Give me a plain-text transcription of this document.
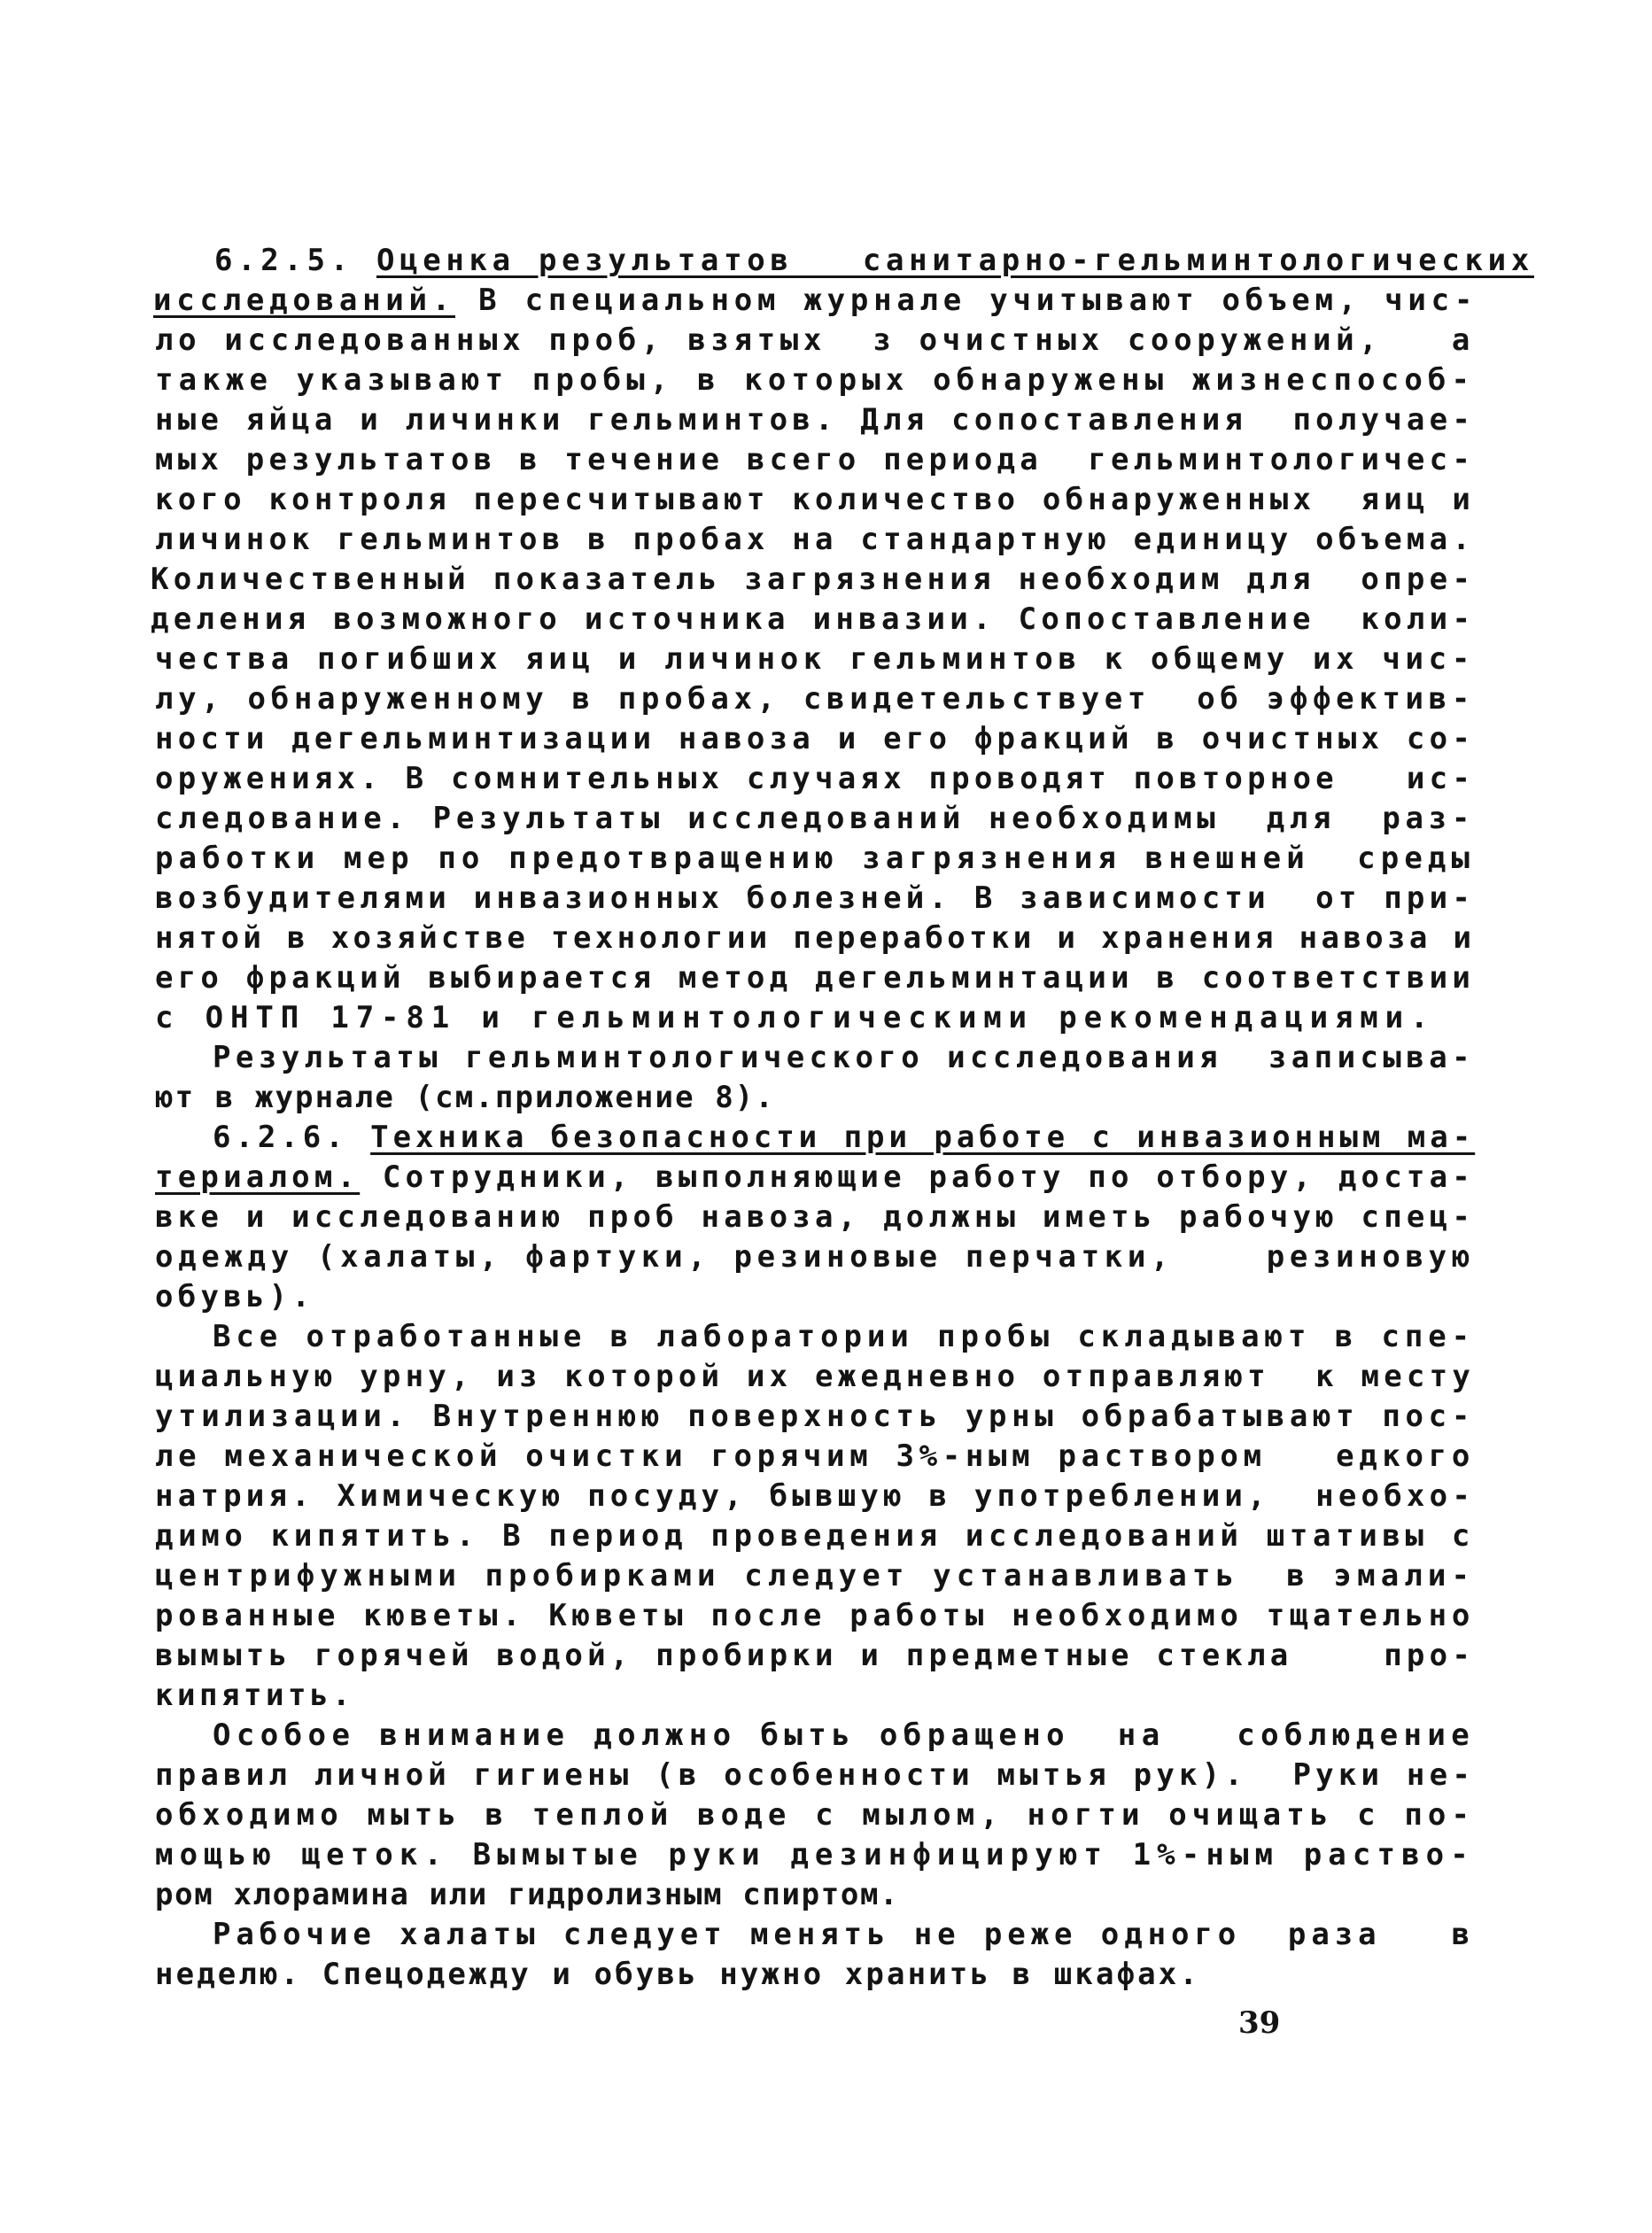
6.2.5. Оценка результатов   санитарно-гельминтологических
исследований. В специальном журнале учитывают объем, чис-
ло исследованных проб, взятых  з очистных сооружений,   а
также указывают пробы, в которых обнаружены жизнеспособ-
ные яйца и личинки гельминтов. Для сопоставления  получае-
мых результатов в течение всего периода  гельминтологичес-
кого контроля пересчитывают количество обнаруженных  яиц и
личинок гельминтов в пробах на стандартную единицу объема.
Количественный показатель загрязнения необходим для  опре-
деления возможного источника инвазии. Сопоставление  коли-
чества погибших яиц и личинок гельминтов к общему их чис-
лу, обнаруженному в пробах, свидетельствует  об эффектив-
ности дегельминтизации навоза и его фракций в очистных со-
оружениях. В сомнительных случаях проводят повторное   ис-
следование. Результаты исследований необходимы  для  раз-
работки мер по предотвращению загрязнения внешней  среды
возбудителями инвазионных болезней. В зависимости  от при-
нятой в хозяйстве технологии переработки и хранения навоза и
его фракций выбирается метод дегельминтации в соответствии
с ОНТП 17-81 и гельминтологическими рекомендациями.
Результаты гельминтологического исследования  записыва-
ют в журнале (см.приложение 8).
6.2.6. Техника безопасности при работе с инвазионным ма-
териалом. Сотрудники, выполняющие работу по отбору, доста-
вке и исследованию проб навоза, должны иметь рабочую спец-
одежду (халаты, фартуки, резиновые перчатки,    резиновую
обувь).
Все отработанные в лаборатории пробы складывают в спе-
циальную урну, из которой их ежедневно отправляют  к месту
утилизации. Внутреннюю поверхность урны обрабатывают пос-
ле механической очистки горячим 3%-ным раствором   едкого
натрия. Химическую посуду, бывшую в употреблении,  необхо-
димо кипятить. В период проведения исследований штативы с
центрифужными пробирками следует устанавливать  в эмали-
рованные кюветы. Кюветы после работы необходимо тщательно
вымыть горячей водой, пробирки и предметные стекла    про-
кипятить.
Особое внимание должно быть обращено  на   соблюдение
правил личной гигиены (в особенности мытья рук).  Руки не-
обходимо мыть в теплой воде с мылом, ногти очищать с по-
мощью щеток. Вымытые руки дезинфицируют 1%-ным раство-
ром хлорамина или гидролизным спиртом.
Рабочие халаты следует менять не реже одного  раза   в
неделю. Спецодежду и обувь нужно хранить в шкафах.
39
